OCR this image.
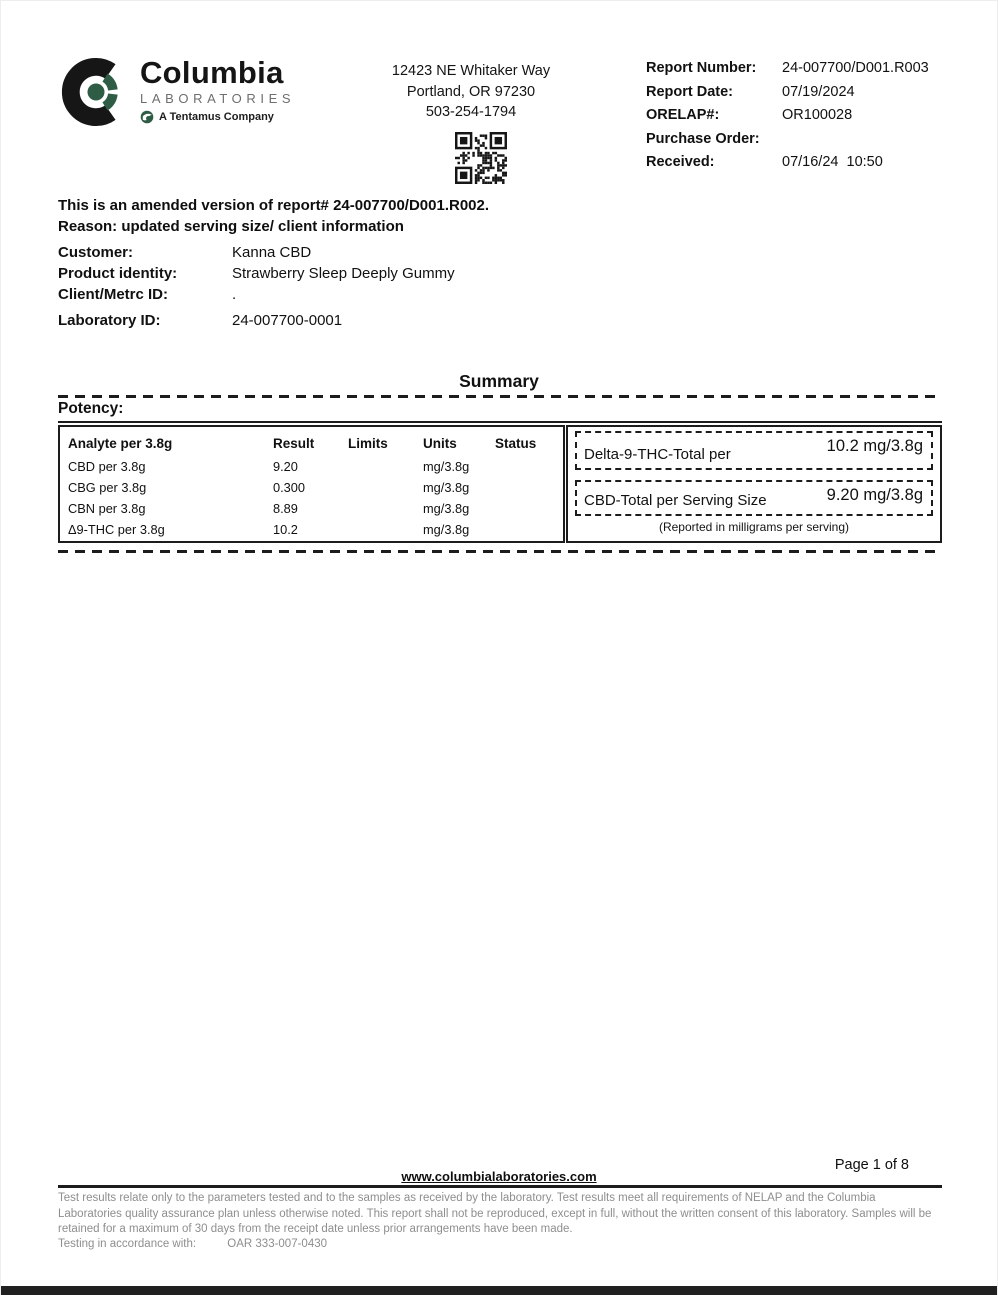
Columbia
LABORATORIES
A Tentamus Company
12423 NE Whitaker Way
Portland, OR 97230
503-254-1794
Report Number:	24-007700/D001.R003
Report Date:	07/19/2024
ORELAP#:	OR100028
Purchase Order:
Received:	07/16/24  10:50
This is an amended version of report# 24-007700/D001.R002.
Reason: updated serving size/ client information
Customer:	Kanna CBD
Product identity:	Strawberry Sleep Deeply Gummy
Client/Metrc ID:	.
Laboratory ID:	24-007700-0001
Summary
Potency:
Analyte per 3.8g	Result	Limits	Units	Status
CBD per 3.8g	9.20		mg/3.8g	
CBG per 3.8g	0.300		mg/3.8g	
CBN per 3.8g	8.89		mg/3.8g	
Δ9-THC per 3.8g	10.2		mg/3.8g	
Delta-9-THC-Total per	10.2 mg/3.8g
CBD-Total per Serving Size	9.20 mg/3.8g
(Reported in milligrams per serving)
Page 1 of 8
www.columbialaboratories.com
Test results relate only to the parameters tested and to the samples as received by the laboratory. Test results meet all requirements of NELAP and the Columbia Laboratories quality assurance plan unless otherwise noted. This report shall not be reproduced, except in full, without the written consent of this laboratory. Samples will be retained for a maximum of 30 days from the receipt date unless prior arrangements have been made.
Testing in accordance with:	OAR 333-007-0430
